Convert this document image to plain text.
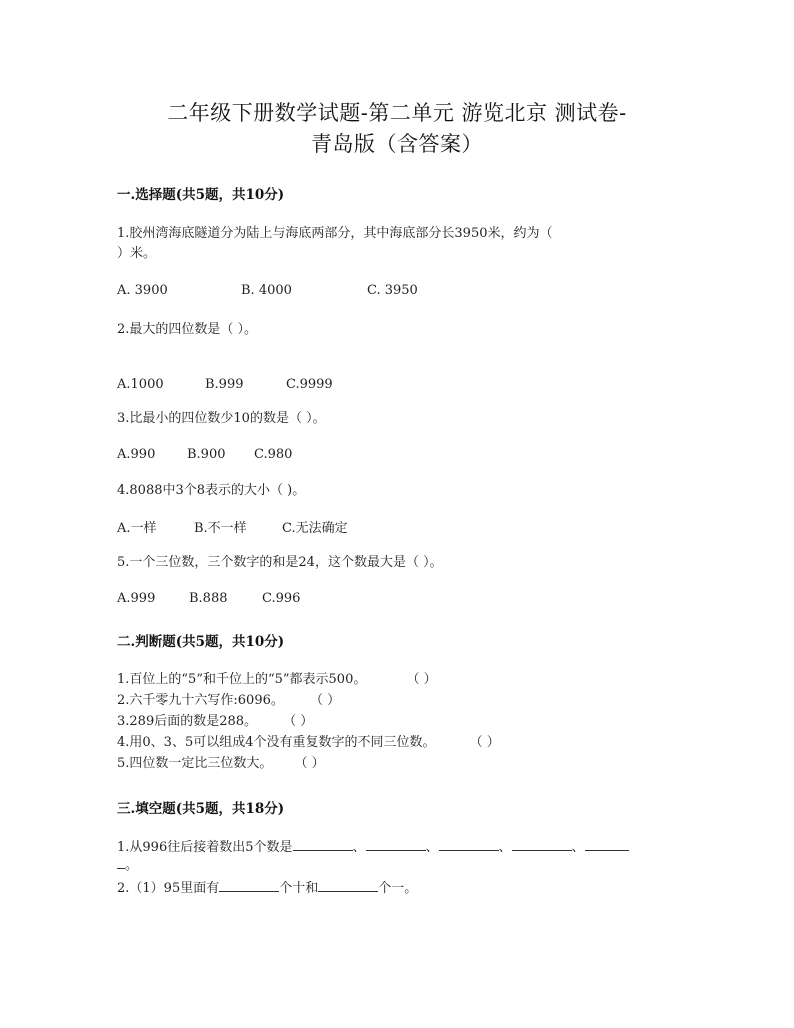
二年级下册数学试题-第二单元 游览北京 测试卷-
青岛版（含答案）
一.选择题(共5题，共10分)
1.胶州湾海底隧道分为陆上与海底两部分，其中海底部分长3950米，约为（
）米。
A. 3900	B. 4000	C. 3950
2.最大的四位数是（ ）。
A.1000	B.999	C.9999
3.比最小的四位数少10的数是（ ）。
A.990 B.900 C.980
4.8088中3个8表示的大小（ )。
A.一样	B.不一样	C.无法确定
5.一个三位数，三个数字的和是24，这个数最大是（ ）。
A.999	B.888	C.996
二.判断题(共5题，共10分)
1.百位上的“5”和千位上的“5”都表示500。	（ ）
2.六千零九十六写作:6096。 （ ）
3.289后面的数是288。 （ ）
4.用0、3、5可以组成4个没有重复数字的不同三位数。	（ ）
5.四位数一定比三位数大。 （ ）
三.填空题(共5题，共18分)
1.从996往后接着数出5个数是	、	、	、	、
。
2.（1）95里面有	个十和	个一。
